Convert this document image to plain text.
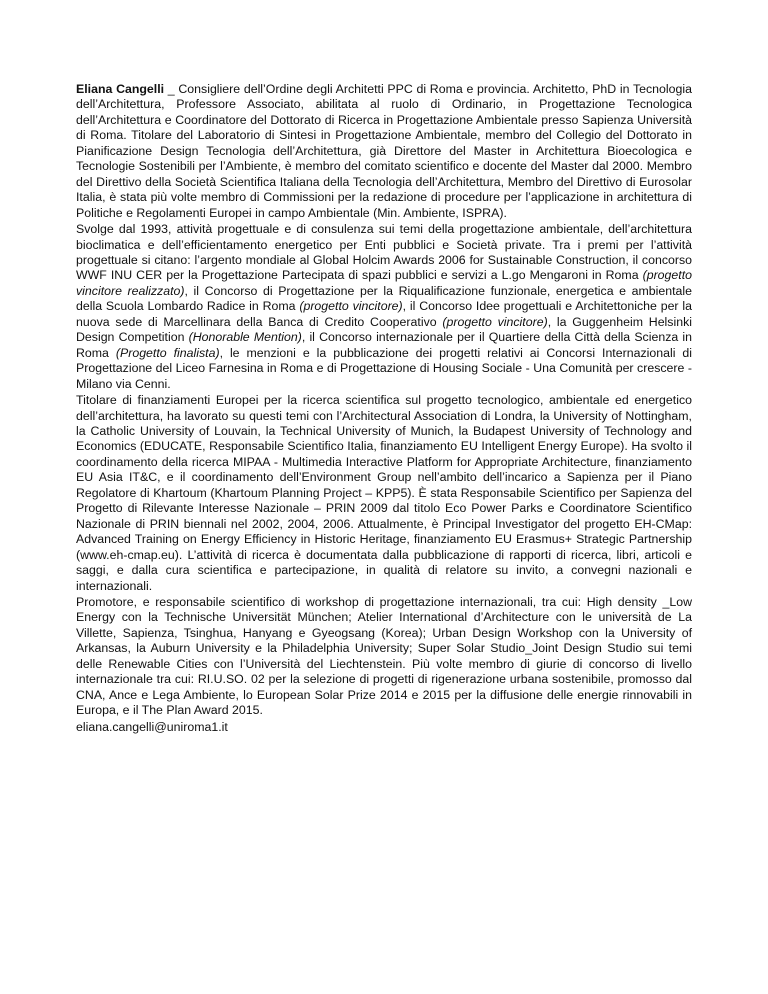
Eliana Cangelli _ Consigliere dell’Ordine degli Architetti PPC di Roma e provincia. Architetto, PhD in Tecnologia dell’Architettura, Professore Associato, abilitata al ruolo di Ordinario, in Progettazione Tecnologica dell’Architettura e Coordinatore del Dottorato di Ricerca in Progettazione Ambientale presso Sapienza Università di Roma. Titolare del Laboratorio di Sintesi in Progettazione Ambientale, membro del Collegio del Dottorato in Pianificazione Design Tecnologia dell’Architettura, già Direttore del Master in Architettura Bioecologica e Tecnologie Sostenibili per l’Ambiente, è membro del comitato scientifico e docente del Master dal 2000. Membro del Direttivo della Società Scientifica Italiana della Tecnologia dell’Architettura, Membro del Direttivo di Eurosolar Italia, è stata più volte membro di Commissioni per la redazione di procedure per l’applicazione in architettura di Politiche e Regolamenti Europei in campo Ambientale (Min. Ambiente, ISPRA).

Svolge dal 1993, attività progettuale e di consulenza sui temi della progettazione ambientale, dell’architettura bioclimatica e dell’efficientamento energetico per Enti pubblici e Società private. Tra i premi per l’attività progettuale si citano: l’argento mondiale al Global Holcim Awards 2006 for Sustainable Construction, il concorso WWF INU CER per la Progettazione Partecipata di spazi pubblici e servizi a L.go Mengaroni in Roma (progetto vincitore realizzato), il Concorso di Progettazione per la Riqualificazione funzionale, energetica e ambientale della Scuola Lombardo Radice in Roma (progetto vincitore), il Concorso Idee progettuali e Architettoniche per la nuova sede di Marcellinara della Banca di Credito Cooperativo (progetto vincitore), la Guggenheim Helsinki Design Competition (Honorable Mention), il Concorso internazionale per il Quartiere della Città della Scienza in Roma (Progetto finalista), le menzioni e la pubblicazione dei progetti relativi ai Concorsi Internazionali di Progettazione del Liceo Farnesina in Roma e di Progettazione di Housing Sociale - Una Comunità per crescere - Milano via Cenni.

Titolare di finanziamenti Europei per la ricerca scientifica sul progetto tecnologico, ambientale ed energetico dell’architettura, ha lavorato su questi temi con l’Architectural Association di Londra, la University of Nottingham, la Catholic University of Louvain, la Technical University of Munich, la Budapest University of Technology and Economics (EDUCATE, Responsabile Scientifico Italia, finanziamento EU Intelligent Energy Europe). Ha svolto il coordinamento della ricerca MIPAA - Multimedia Interactive Platform for Appropriate Architecture, finanziamento EU Asia IT&C, e il coordinamento dell’Environment Group nell’ambito dell’incarico a Sapienza per il Piano Regolatore di Khartoum (Khartoum Planning Project – KPP5). È stata Responsabile Scientifico per Sapienza del Progetto di Rilevante Interesse Nazionale – PRIN 2009 dal titolo Eco Power Parks e Coordinatore Scientifico Nazionale di PRIN biennali nel 2002, 2004, 2006. Attualmente, è Principal Investigator del progetto EH-CMap: Advanced Training on Energy Efficiency in Historic Heritage, finanziamento EU Erasmus+ Strategic Partnership (www.eh-cmap.eu). L’attività di ricerca è documentata dalla pubblicazione di rapporti di ricerca, libri, articoli e saggi, e dalla cura scientifica e partecipazione, in qualità di relatore su invito, a convegni nazionali e internazionali.

Promotore, e responsabile scientifico di workshop di progettazione internazionali, tra cui: High density _Low Energy con la Technische Universität München; Atelier International d’Architecture con le università de La Villette, Sapienza, Tsinghua, Hanyang e Gyeogsang (Korea); Urban Design Workshop con la University of Arkansas, la Auburn University e la Philadelphia University; Super Solar Studio_Joint Design Studio sui temi delle Renewable Cities con l’Università del Liechtenstein. Più volte membro di giurie di concorso di livello internazionale tra cui: RI.U.SO. 02 per la selezione di progetti di rigenerazione urbana sostenibile, promosso dal CNA, Ance e Lega Ambiente, lo European Solar Prize 2014 e 2015 per la diffusione delle energie rinnovabili in Europa, e il The Plan Award 2015.

eliana.cangelli@uniroma1.it
